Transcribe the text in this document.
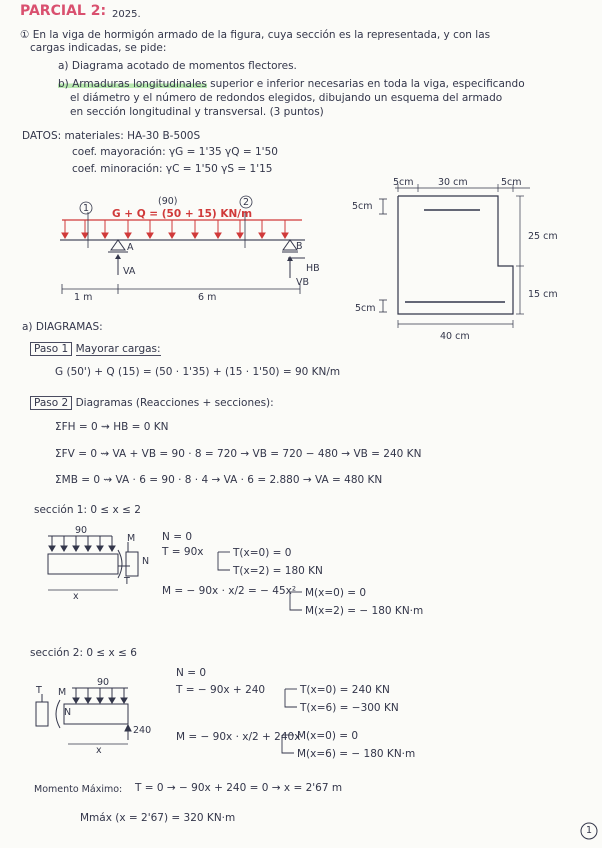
PARCIAL 2: 2025.
① En la viga de hormigón armado de la figura, cuya sección es la representada, y con las
cargas indicadas, se pide:
a) Diagrama acotado de momentos flectores.
b) Armaduras longitudinales superior e inferior necesarias en toda la viga, especificando
el diámetro y el número de redondos elegidos, dibujando un esquema del armado
en sección longitudinal y transversal. (3 puntos)
DATOS: materiales: HA-30 B-500S
coef. mayoración: γG = 1'35 γQ = 1'50
coef. minoración: γC = 1'50 γS = 1'15
(90)
G + Q = (50 + 15) KN/m
1
2
A	B
VA
VB
HB
1 m	6 m
5cm	30 cm	5cm
5cm
25 cm
15 cm
5cm
40 cm
a) DIAGRAMAS:
Paso 1 Mayorar cargas:
G (50') + Q (15) = (50 · 1'35) + (15 · 1'50) = 90 KN/m
Paso 2 Diagramas (Reacciones + secciones):
ΣFH = 0 ⇝ HB = 0 KN
ΣFV = 0 ⇝ VA + VB = 90 · 8 = 720 → VB = 720 − 480 → VB = 240 KN
ΣMB = 0 ⇝ VA · 6 = 90 · 8 · 4 → VA · 6 = 2.880 → VA = 480 KN
sección 1: 0 ≤ x ≤ 2
90
x
M
N
T
N = 0
T = 90x	T(x=0) = 0
T(x=2) = 180 KN
M = − 90x · x/2 = − 45x² M(x=0) = 0
M(x=2) = − 180 KN·m
sección 2: 0 ≤ x ≤ 6
90
x
240
T M
N
N = 0
T = − 90x + 240	T(x=0) = 240 KN
T(x=6) = −300 KN
M = − 90x · x/2 + 240x
M(x=0) = 0
M(x=6) = − 180 KN·m
Momento Máximo: T = 0 → − 90x + 240 = 0 → x = 2'67 m
Mmáx (x = 2'67) = 320 KN·m
1
